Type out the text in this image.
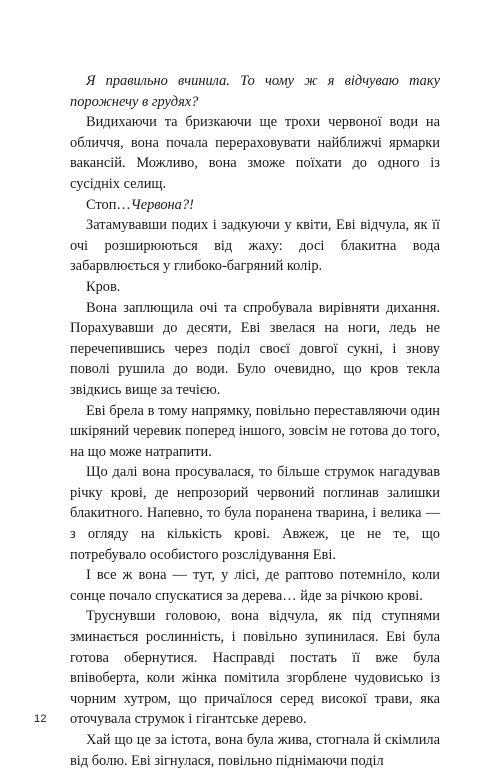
Я правильно вчинила. То чому ж я відчуваю таку порожнечу в грудях?

Видихаючи та бризкаючи ще трохи червоної води на обличчя, вона почала перераховувати найближчі ярмарки вакансій. Можливо, вона зможе поїхати до одного із сусідніх селищ.

Стоп…Червона?!

Затамувавши подих і задкуючи у квіти, Еві відчула, як її очі розширюються від жаху: досі блакитна вода забарвлюється у глибоко-багряний колір.

Кров.

Вона заплющила очі та спробувала вирівняти дихання. Порахувавши до десяти, Еві звелася на ноги, ледь не перечепившись через поділ своєї довгої сукні, і знову поволі рушила до води. Було очевидно, що кров текла звідкись вище за течією.

Еві брела в тому напрямку, повільно переставляючи один шкіряний черевик поперед іншого, зовсім не готова до того, на що може натрапити.

Що далі вона просувалася, то більше струмок нагадував річку крові, де непрозорий червоний поглинав залишки блакитного. Напевно, то була поранена тварина, і велика — з огляду на кількість крові. Авжеж, це не те, що потребувало особистого розслідування Еві.

І все ж вона — тут, у лісі, де раптово потемніло, коли сонце почало спускатися за дерева… йде за річкою крові.

Труснувши головою, вона відчула, як під ступнями зминається рослинність, і повільно зупинилася. Еві була готова обернутися. Насправді постать її вже була впівоберта, коли жінка помітила згорблене чудовисько із чорним хутром, що причаїлося серед високої трави, яка оточувала струмок і гігантське дерево.

Хай що це за істота, вона була жива, стогнала й скімлила від болю. Еві зігнулася, повільно піднімаючи поділ

12
